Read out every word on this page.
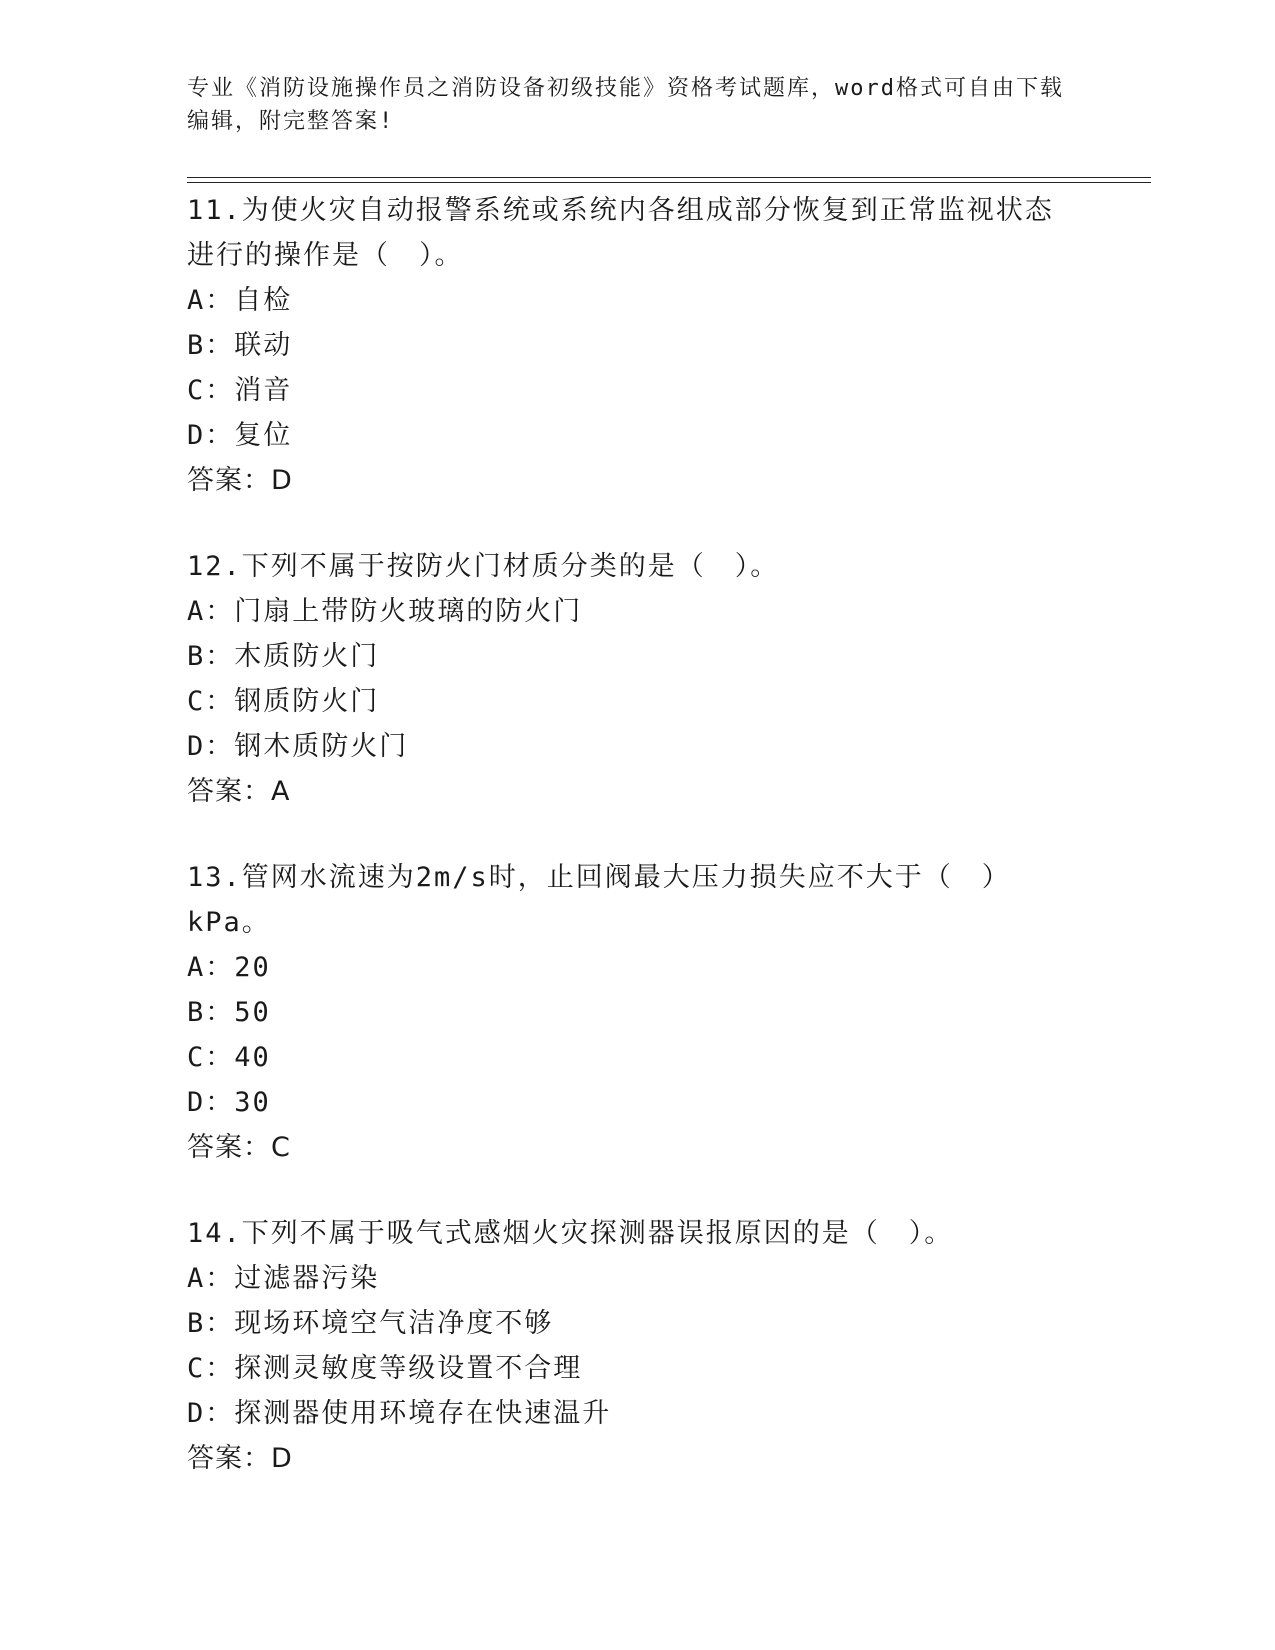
专业《消防设施操作员之消防设备初级技能》资格考试题库，word格式可自由下载编辑，附完整答案!

11.为使火灾自动报警系统或系统内各组成部分恢复到正常监视状态进行的操作是（　）。

A：自检

B：联动

C：消音

D：复位

答案：D

12.下列不属于按防火门材质分类的是（　）。

A：门扇上带防火玻璃的防火门

B：木质防火门

C：钢质防火门

D：钢木质防火门

答案：A

13.管网水流速为2m/s时，止回阀最大压力损失应不大于（　）kPa。

A：20

B：50

C：40

D：30

答案：C

14.下列不属于吸气式感烟火灾探测器误报原因的是（　）。

A：过滤器污染

B：现场环境空气洁净度不够

C：探测灵敏度等级设置不合理

D：探测器使用环境存在快速温升

答案：D
